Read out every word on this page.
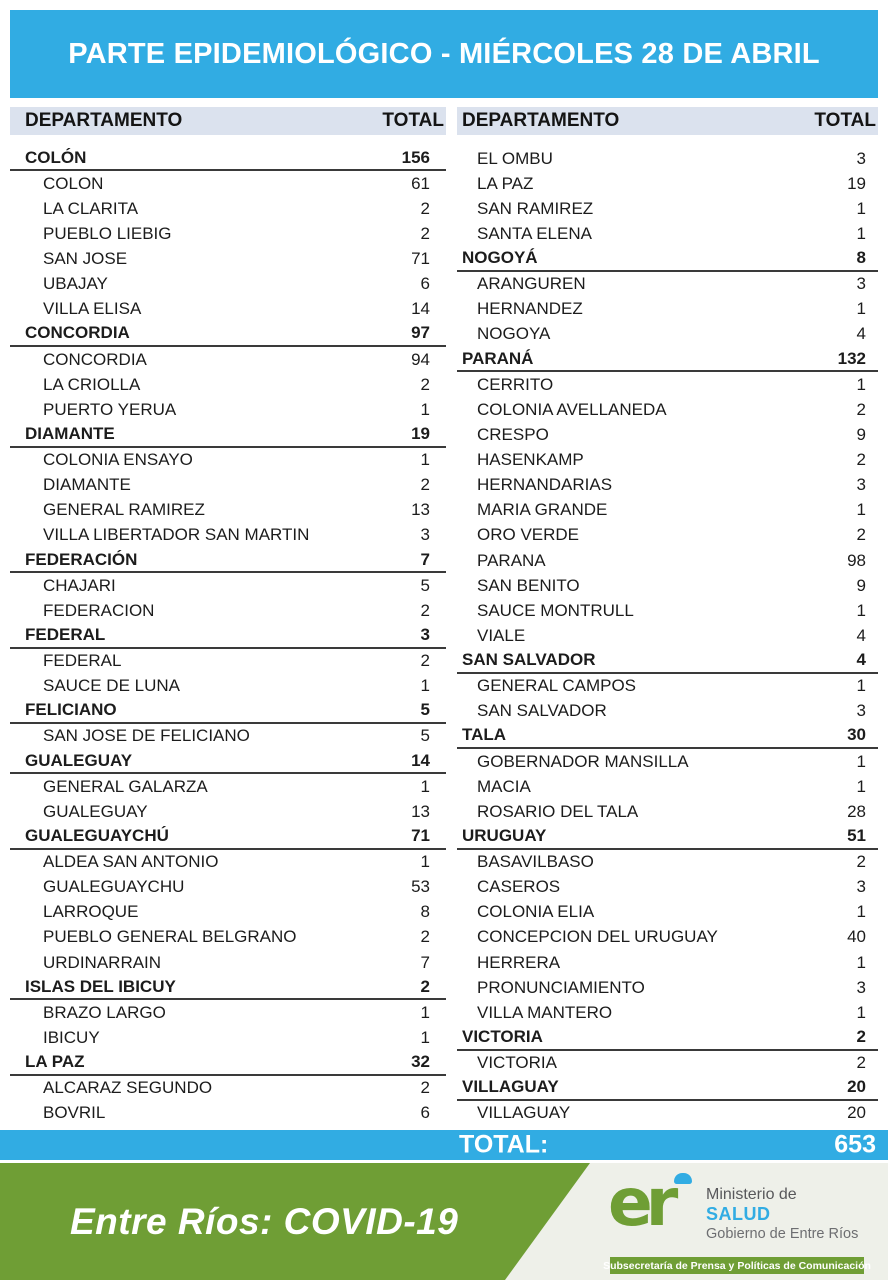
PARTE EPIDEMIOLÓGICO - MIÉRCOLES 28 DE ABRIL
DEPARTAMENTO	TOTAL DEPARTAMENTO	TOTAL
COLÓN	156
COLON	61
LA CLARITA	2
PUEBLO LIEBIG	2
SAN JOSE	71
UBAJAY	6
VILLA ELISA	14
CONCORDIA	97
CONCORDIA	94
LA CRIOLLA	2
PUERTO YERUA	1
DIAMANTE	19
COLONIA ENSAYO	1
DIAMANTE	2
GENERAL RAMIREZ	13
VILLA LIBERTADOR SAN MARTIN	3
FEDERACIÓN	7
CHAJARI	5
FEDERACION	2
FEDERAL	3
FEDERAL	2
SAUCE DE LUNA	1
FELICIANO	5
SAN JOSE DE FELICIANO	5
GUALEGUAY	14
GENERAL GALARZA	1
GUALEGUAY	13
GUALEGUAYCHÚ	71
ALDEA SAN ANTONIO	1
GUALEGUAYCHU	53
LARROQUE	8
PUEBLO GENERAL BELGRANO	2
URDINARRAIN	7
ISLAS DEL IBICUY	2
BRAZO LARGO	1
IBICUY	1
LA PAZ	32
ALCARAZ SEGUNDO	2
BOVRIL	6
EL OMBU	3
LA PAZ	19
SAN RAMIREZ	1
SANTA ELENA	1
NOGOYÁ	8
ARANGUREN	3
HERNANDEZ	1
NOGOYA	4
PARANÁ	132
CERRITO	1
COLONIA AVELLANEDA	2
CRESPO	9
HASENKAMP	2
HERNANDARIAS	3
MARIA GRANDE	1
ORO VERDE	2
PARANA	98
SAN BENITO	9
SAUCE MONTRULL	1
VIALE	4
SAN SALVADOR	4
GENERAL CAMPOS	1
SAN SALVADOR	3
TALA	30
GOBERNADOR MANSILLA	1
MACIA	1
ROSARIO DEL TALA	28
URUGUAY	51
BASAVILBASO	2
CASEROS	3
COLONIA ELIA	1
CONCEPCION DEL URUGUAY	40
HERRERA	1
PRONUNCIAMIENTO	3
VILLA MANTERO	1
VICTORIA	2
VICTORIA	2
VILLAGUAY	20
VILLAGUAY	20
TOTAL:	653
Entre Ríos: COVID-19 er Ministerio de
SALUD
Gobierno de Entre Ríos
Subsecretaría de Prensa y Políticas de Comunicación
